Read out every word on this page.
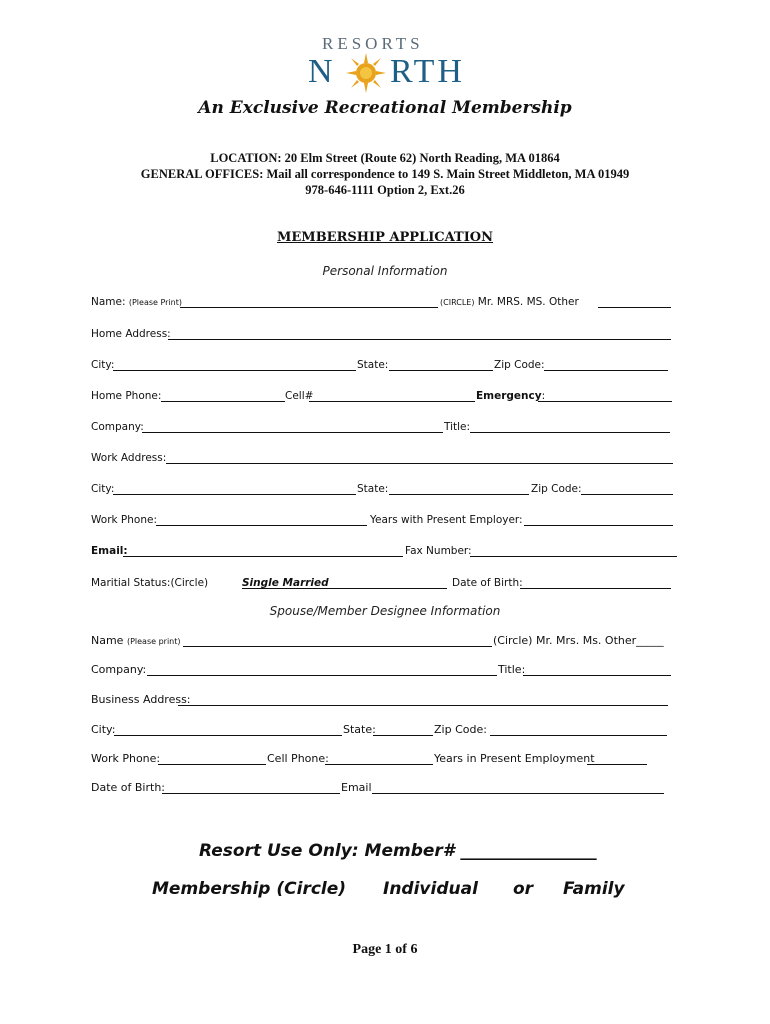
RESORTS
N RTH
An Exclusive Recreational Membership
LOCATION: 20 Elm Street (Route 62) North Reading, MA 01864
GENERAL OFFICES: Mail all correspondence to 149 S. Main Street Middleton, MA 01949
978-646-1111 Option 2, Ext.26
MEMBERSHIP APPLICATION
Personal Information
Name: (Please Print)	(CIRCLE) Mr. MRS. MS. Other
Home Address:
City:	State:	Zip Code:
Home Phone:	Cell#	Emergency:
Company:	Title:
Work Address:
City:	State:	Zip Code:
Work Phone:	Years with Present Employer:
Email:	Fax Number:
Maritial Status:(Circle)	Single Married	Date of Birth:
Spouse/Member Designee Information
Name (Please print)	(Circle) Mr. Mrs. Ms. Other_____
Company:	Title:
Business Address:
City:	State:	Zip Code:
Work Phone:	Cell Phone:	Years in Present Employment
Date of Birth:	Email
Resort Use Only: Member# ________________
Membership (Circle) Individual or Family
Page 1 of 6
